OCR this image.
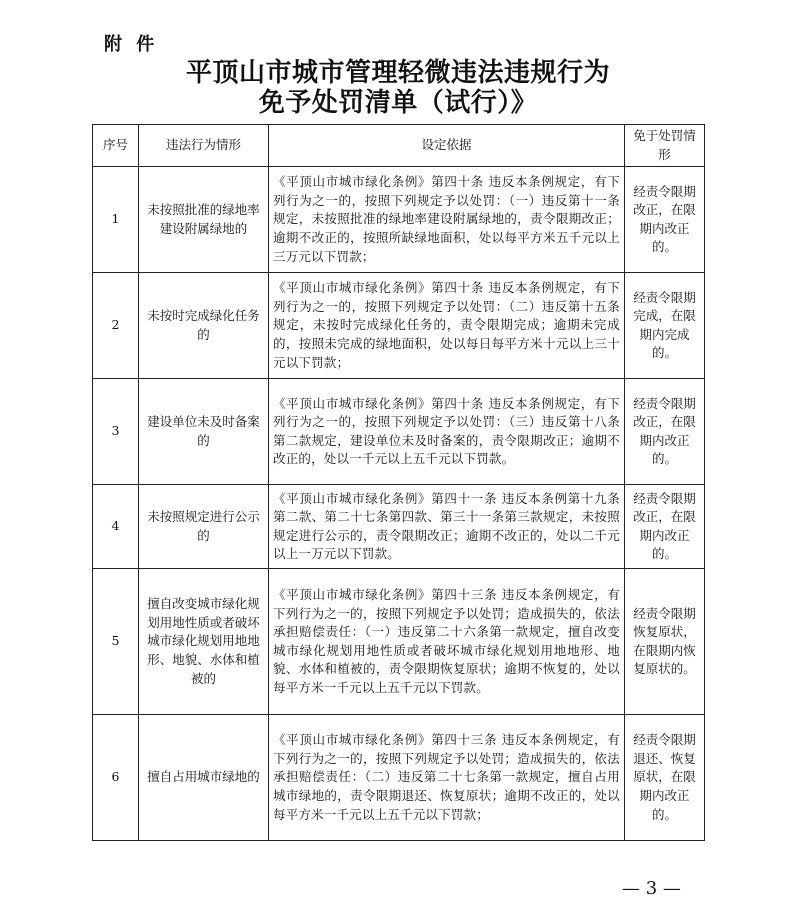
附 件
平顶山市城市管理轻微违法违规行为
免予处罚清单（试行）》
序号	违法行为情形	设定依据	免于处罚情形
1	未按照批准的绿地率建设附属绿地的	《平顶山市城市绿化条例》第四十条 违反本条例规定，有下列行为之一的，按照下列规定予以处罚：（一）违反第十一条规定，未按照批准的绿地率建设附属绿地的，责令限期改正；逾期不改正的，按照所缺绿地面积，处以每平方米五千元以上三万元以下罚款；	经责令限期改正，在限期内改正的。
2	未按时完成绿化任务的	《平顶山市城市绿化条例》第四十条 违反本条例规定，有下列行为之一的，按照下列规定予以处罚：（二）违反第十五条规定，未按时完成绿化任务的，责令限期完成；逾期未完成的，按照未完成的绿地面积，处以每日每平方米十元以上三十元以下罚款；	经责令限期完成，在限期内完成的。
3	建设单位未及时备案的	《平顶山市城市绿化条例》第四十条 违反本条例规定，有下列行为之一的，按照下列规定予以处罚：（三）违反第十八条第二款规定，建设单位未及时备案的，责令限期改正；逾期不改正的，处以一千元以上五千元以下罚款。	经责令限期改正，在限期内改正的。
4	未按照规定进行公示的	《平顶山市城市绿化条例》第四十一条 违反本条例第十九条第二款、第二十七条第四款、第三十一条第三款规定，未按照规定进行公示的，责令限期改正；逾期不改正的，处以二千元以上一万元以下罚款。	经责令限期改正，在限期内改正的。
5	擅自改变城市绿化规划用地性质或者破坏城市绿化规划用地地形、地貌、水体和植被的	《平顶山市城市绿化条例》第四十三条 违反本条例规定，有下列行为之一的，按照下列规定予以处罚；造成损失的，依法承担赔偿责任：（一）违反第二十六条第一款规定，擅自改变城市绿化规划用地性质或者破坏城市绿化规划用地地形、地貌、水体和植被的，责令限期恢复原状；逾期不恢复的，处以每平方米一千元以上五千元以下罚款。	经责令限期恢复原状，在限期内恢复原状的。
6	擅自占用城市绿地的	《平顶山市城市绿化条例》第四十三条 违反本条例规定，有下列行为之一的，按照下列规定予以处罚；造成损失的，依法承担赔偿责任：（二）违反第二十七条第一款规定，擅自占用城市绿地的，责令限期退还、恢复原状；逾期不改正的，处以每平方米一千元以上五千元以下罚款；	经责令限期退还、恢复原状，在限期内改正的。
— 3 —
